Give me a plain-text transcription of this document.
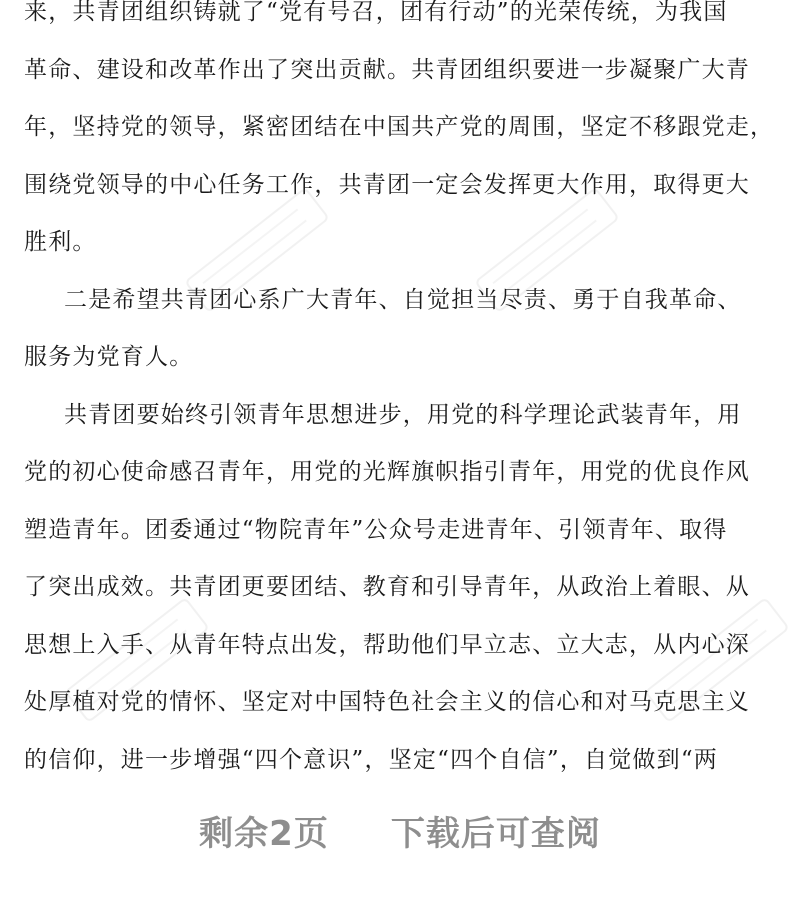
来，共青团组织铸就了“党有号召，团有行动”的光荣传统，为我国
革命、建设和改革作出了突出贡献。共青团组织要进一步凝聚广大青
年，坚持党的领导，紧密团结在中国共产党的周围，坚定不移跟党走，
围绕党领导的中心任务工作，共青团一定会发挥更大作用，取得更大
胜利。
二是希望共青团心系广大青年、自觉担当尽责、勇于自我革命、
服务为党育人。
共青团要始终引领青年思想进步，用党的科学理论武装青年，用
党的初心使命感召青年，用党的光辉旗帜指引青年，用党的优良作风
塑造青年。团委通过“物院青年”公众号走进青年、引领青年、取得
了突出成效。共青团更要团结、教育和引导青年，从政治上着眼、从
思想上入手、从青年特点出发，帮助他们早立志、立大志，从内心深
处厚植对党的情怀、坚定对中国特色社会主义的信心和对马克思主义
的信仰，进一步增强“四个意识”，坚定“四个自信”，自觉做到“两
剩余2页 下载后可查阅
